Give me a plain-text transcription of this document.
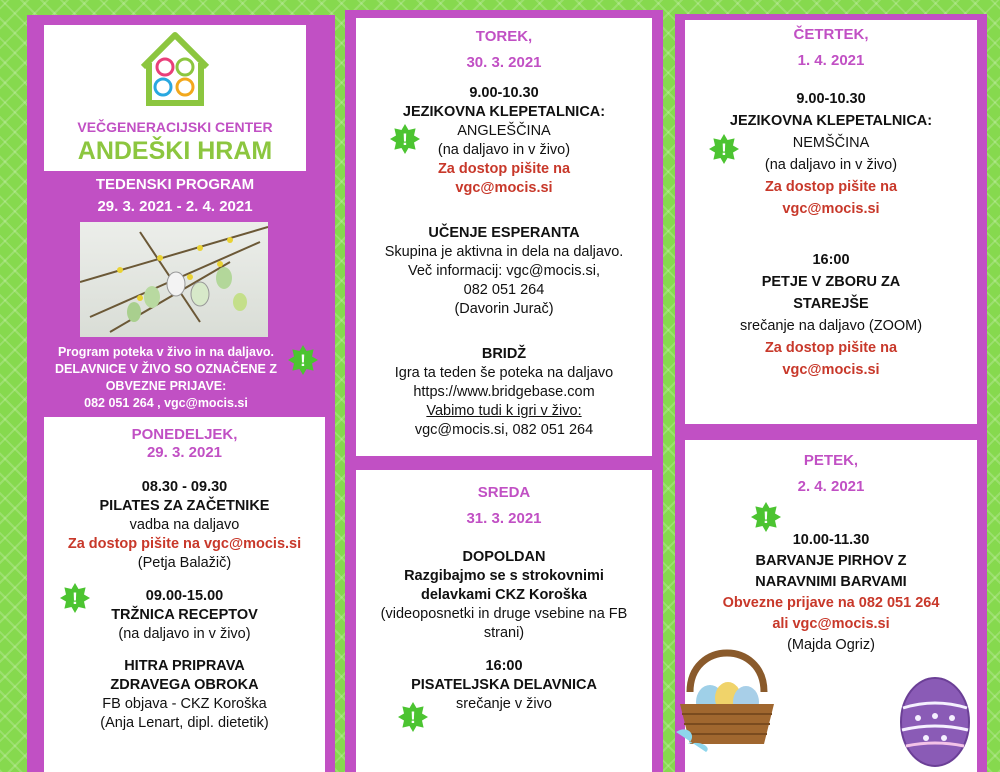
VEČGENERACIJSKI CENTER
ANDEŠKI HRAM
TEDENSKI PROGRAM
29. 3. 2021 - 2. 4. 2021
Program poteka v živo in na daljavo.
DELAVNICE V ŽIVO SO OZNAČENE Z
OBVEZNE PRIJAVE:
082 051 264 , vgc@mocis.si
!
PONEDELJEK,
29. 3. 2021

08.30 - 09.30

PILATES ZA ZAČETNIKE

vadba na daljavo

Za dostop pišite na vgc@mocis.si

(Petja Balažič)

09.00-15.00

TRŽNICA RECEPTOV

(na daljavo in v živo)

HITRA PRIPRAVA

ZDRAVEGA OBROKA

FB objava - CKZ Koroška

(Anja Lenart, dipl. dietetik)

!
TOREK,
30. 3. 2021

9.00-10.30

JEZIKOVNA KLEPETALNICA:

ANGLEŠČINA

(na daljavo in v živo)

Za dostop pišite na

vgc@mocis.si

UČENJE ESPERANTA

Skupina je aktivna in dela na daljavo.

Več informacij: vgc@mocis.si,

082 051 264

(Davorin Jurač)

BRIDŽ

Igra ta teden še poteka na daljavo

https://www.bridgebase.com

Vabimo tudi k igri v živo:

vgc@mocis.si, 082 051 264

!
SREDA
31. 3. 2021

DOPOLDAN

Razgibajmo se s strokovnimi

delavkami CKZ Koroška

(videoposnetki in druge vsebine na FB

strani)

16:00

PISATELJSKA DELAVNICA

srečanje v živo

!
ČETRTEK,
1. 4. 2021

9.00-10.30

JEZIKOVNA KLEPETALNICA:

NEMŠČINA

(na daljavo in v živo)

Za dostop pišite na

vgc@mocis.si

16:00

PETJE V ZBORU ZA

STAREJŠE

srečanje na daljavo (ZOOM)

Za dostop pišite na

vgc@mocis.si

!
PETEK,
2. 4. 2021

10.00-11.30

BARVANJE PIRHOV Z

NARAVNIMI BARVAMI

Obvezne prijave na 082 051 264

ali vgc@mocis.si

(Majda Ogriz)

!
